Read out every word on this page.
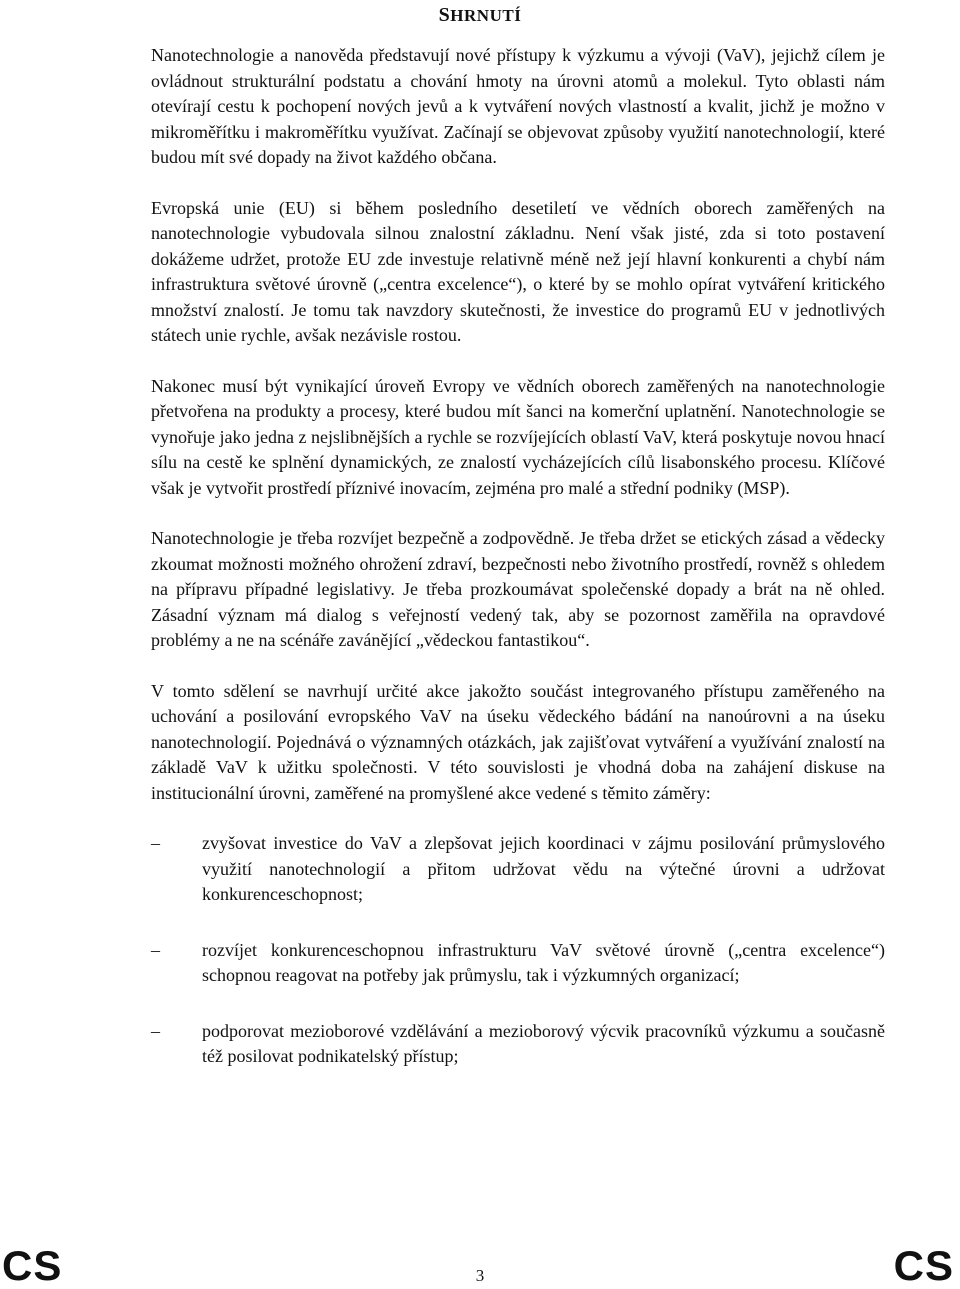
SHRNUTÍ

Nanotechnologie a nanověda představují nové přístupy k výzkumu a vývoji (VaV), jejichž cílem je ovládnout strukturální podstatu a chování hmoty na úrovni atomů a molekul. Tyto oblasti nám otevírají cestu k pochopení nových jevů a k vytváření nových vlastností a kvalit, jichž je možno v mikroměřítku i makroměřítku využívat. Začínají se objevovat způsoby využití nanotechnologií, které budou mít své dopady na život každého občana.

Evropská unie (EU) si během posledního desetiletí ve vědních oborech zaměřených na nanotechnologie vybudovala silnou znalostní základnu. Není však jisté, zda si toto postavení dokážeme udržet, protože EU zde investuje relativně méně než její hlavní konkurenti a chybí nám infrastruktura světové úrovně („centra excelence“), o které by se mohlo opírat vytváření kritického množství znalostí. Je tomu tak navzdory skutečnosti, že investice do programů EU v jednotlivých státech unie rychle, avšak nezávisle rostou.

Nakonec musí být vynikající úroveň Evropy ve vědních oborech zaměřených na nanotechnologie přetvořena na produkty a procesy, které budou mít šanci na komerční uplatnění. Nanotechnologie se vynořuje jako jedna z nejslibnějších a rychle se rozvíjejících oblastí VaV, která poskytuje novou hnací sílu na cestě ke splnění dynamických, ze znalostí vycházejících cílů lisabonského procesu. Klíčové však je vytvořit prostředí příznivé inovacím, zejména pro malé a střední podniky (MSP).

Nanotechnologie je třeba rozvíjet bezpečně a zodpovědně. Je třeba držet se etických zásad a vědecky zkoumat možnosti možného ohrožení zdraví, bezpečnosti nebo životního prostředí, rovněž s ohledem na přípravu případné legislativy. Je třeba prozkoumávat společenské dopady a brát na ně ohled. Zásadní význam má dialog s veřejností vedený tak, aby se pozornost zaměřila na opravdové problémy a ne na scénáře zavánějící „vědeckou fantastikou“.

V tomto sdělení se navrhují určité akce jakožto součást integrovaného přístupu zaměřeného na uchování a posilování evropského VaV na úseku vědeckého bádání na nanoúrovni a na úseku nanotechnologií. Pojednává o významných otázkách, jak zajišťovat vytváření a využívání znalostí na základě VaV k užitku společnosti. V této souvislosti je vhodná doba na zahájení diskuse na institucionální úrovni, zaměřené na promyšlené akce vedené s těmito záměry:

–	zvyšovat investice do VaV a zlepšovat jejich koordinaci v zájmu posilování průmyslového využití nanotechnologií a přitom udržovat vědu na výtečné úrovni a udržovat konkurenceschopnost;
–	rozvíjet konkurenceschopnou infrastrukturu VaV světové úrovně („centra excelence“) schopnou reagovat na potřeby jak průmyslu, tak i výzkumných organizací;
–	podporovat mezioborové vzdělávání a mezioborový výcvik pracovníků výzkumu a současně též posilovat podnikatelský přístup;
CS	3	CS
